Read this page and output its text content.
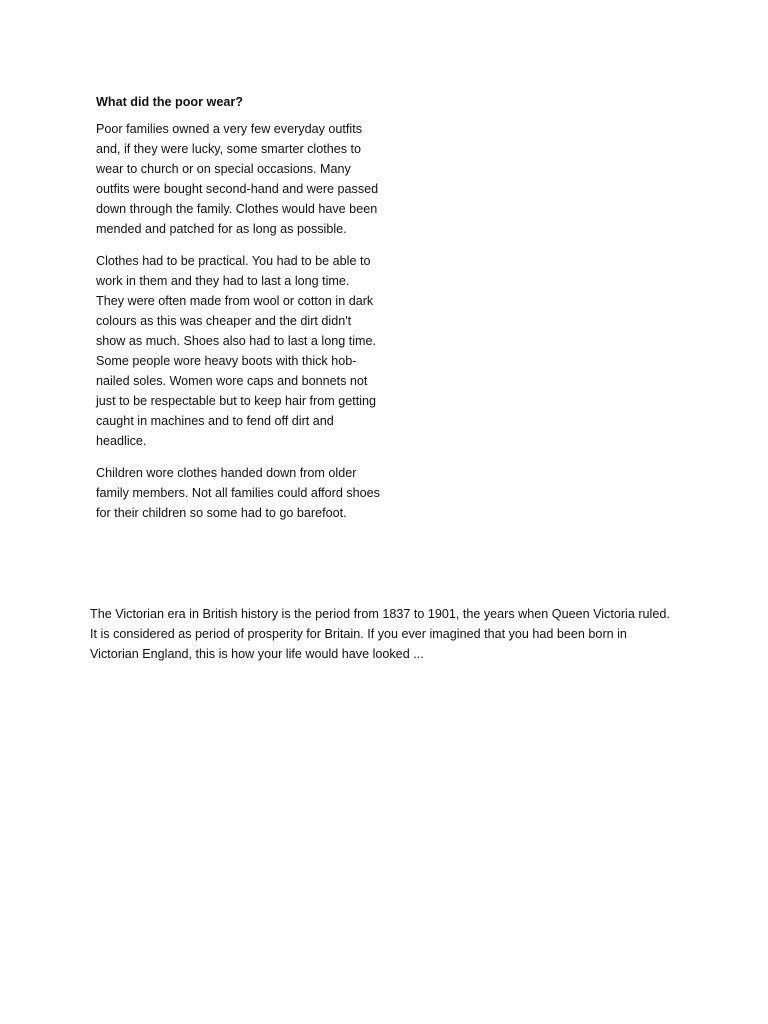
What did the poor wear?
Poor families owned a very few everyday outfits
and, if they were lucky, some smarter clothes to
wear to church or on special occasions. Many
outfits were bought second-hand and were passed
down through the family. Clothes would have been
mended and patched for as long as possible.
Clothes had to be practical. You had to be able to
work in them and they had to last a long time.
They were often made from wool or cotton in dark
colours as this was cheaper and the dirt didn't
show as much. Shoes also had to last a long time.
Some people wore heavy boots with thick hob-
nailed soles. Women wore caps and bonnets not
just to be respectable but to keep hair from getting
caught in machines and to fend off dirt and
headlice.
Children wore clothes handed down from older
family members. Not all families could afford shoes
for their children so some had to go barefoot.
The Victorian era in British history is the period from 1837 to 1901, the years when Queen Victoria ruled.
It is considered as period of prosperity for Britain. If you ever imagined that you had been born in
Victorian England, this is how your life would have looked ...
